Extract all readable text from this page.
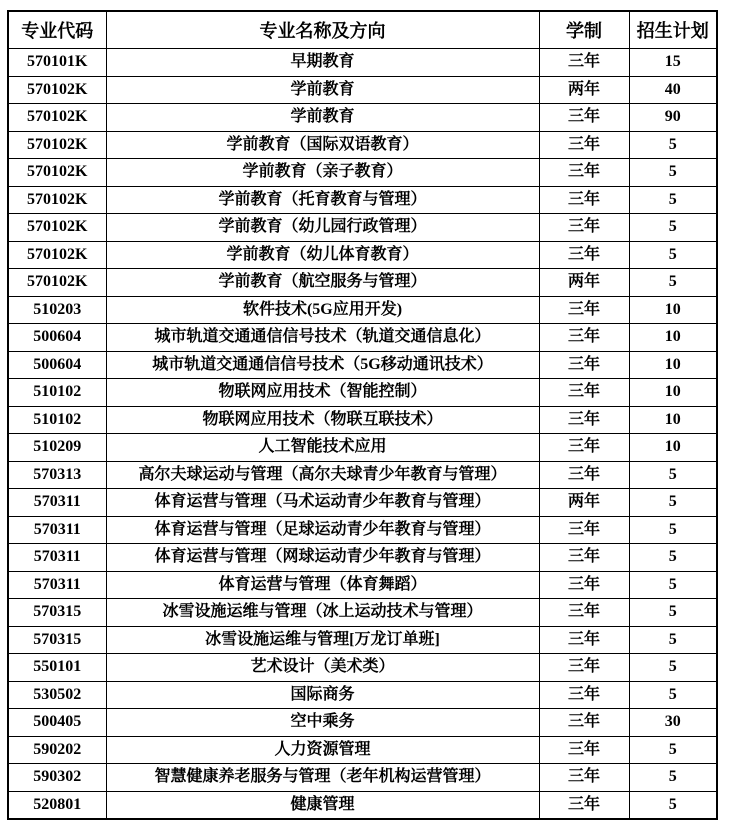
专业代码	专业名称及方向	学制	招生计划
570101K	早期教育	三年	15
570102K	学前教育	两年	40
570102K	学前教育	三年	90
570102K	学前教育（国际双语教育）	三年	5
570102K	学前教育（亲子教育）	三年	5
570102K	学前教育（托育教育与管理）	三年	5
570102K	学前教育（幼儿园行政管理）	三年	5
570102K	学前教育（幼儿体育教育）	三年	5
570102K	学前教育（航空服务与管理）	两年	5
510203	软件技术(5G应用开发)	三年	10
500604	城市轨道交通通信信号技术（轨道交通信息化）	三年	10
500604	城市轨道交通通信信号技术（5G移动通讯技术）	三年	10
510102	物联网应用技术（智能控制）	三年	10
510102	物联网应用技术（物联互联技术）	三年	10
510209	人工智能技术应用	三年	10
570313	高尔夫球运动与管理（高尔夫球青少年教育与管理）	三年	5
570311	体育运营与管理（马术运动青少年教育与管理）	两年	5
570311	体育运营与管理（足球运动青少年教育与管理）	三年	5
570311	体育运营与管理（网球运动青少年教育与管理）	三年	5
570311	体育运营与管理（体育舞蹈）	三年	5
570315	冰雪设施运维与管理（冰上运动技术与管理）	三年	5
570315	冰雪设施运维与管理[万龙订单班]	三年	5
550101	艺术设计（美术类）	三年	5
530502	国际商务	三年	5
500405	空中乘务	三年	30
590202	人力资源管理	三年	5
590302	智慧健康养老服务与管理（老年机构运营管理）	三年	5
520801	健康管理	三年	5
